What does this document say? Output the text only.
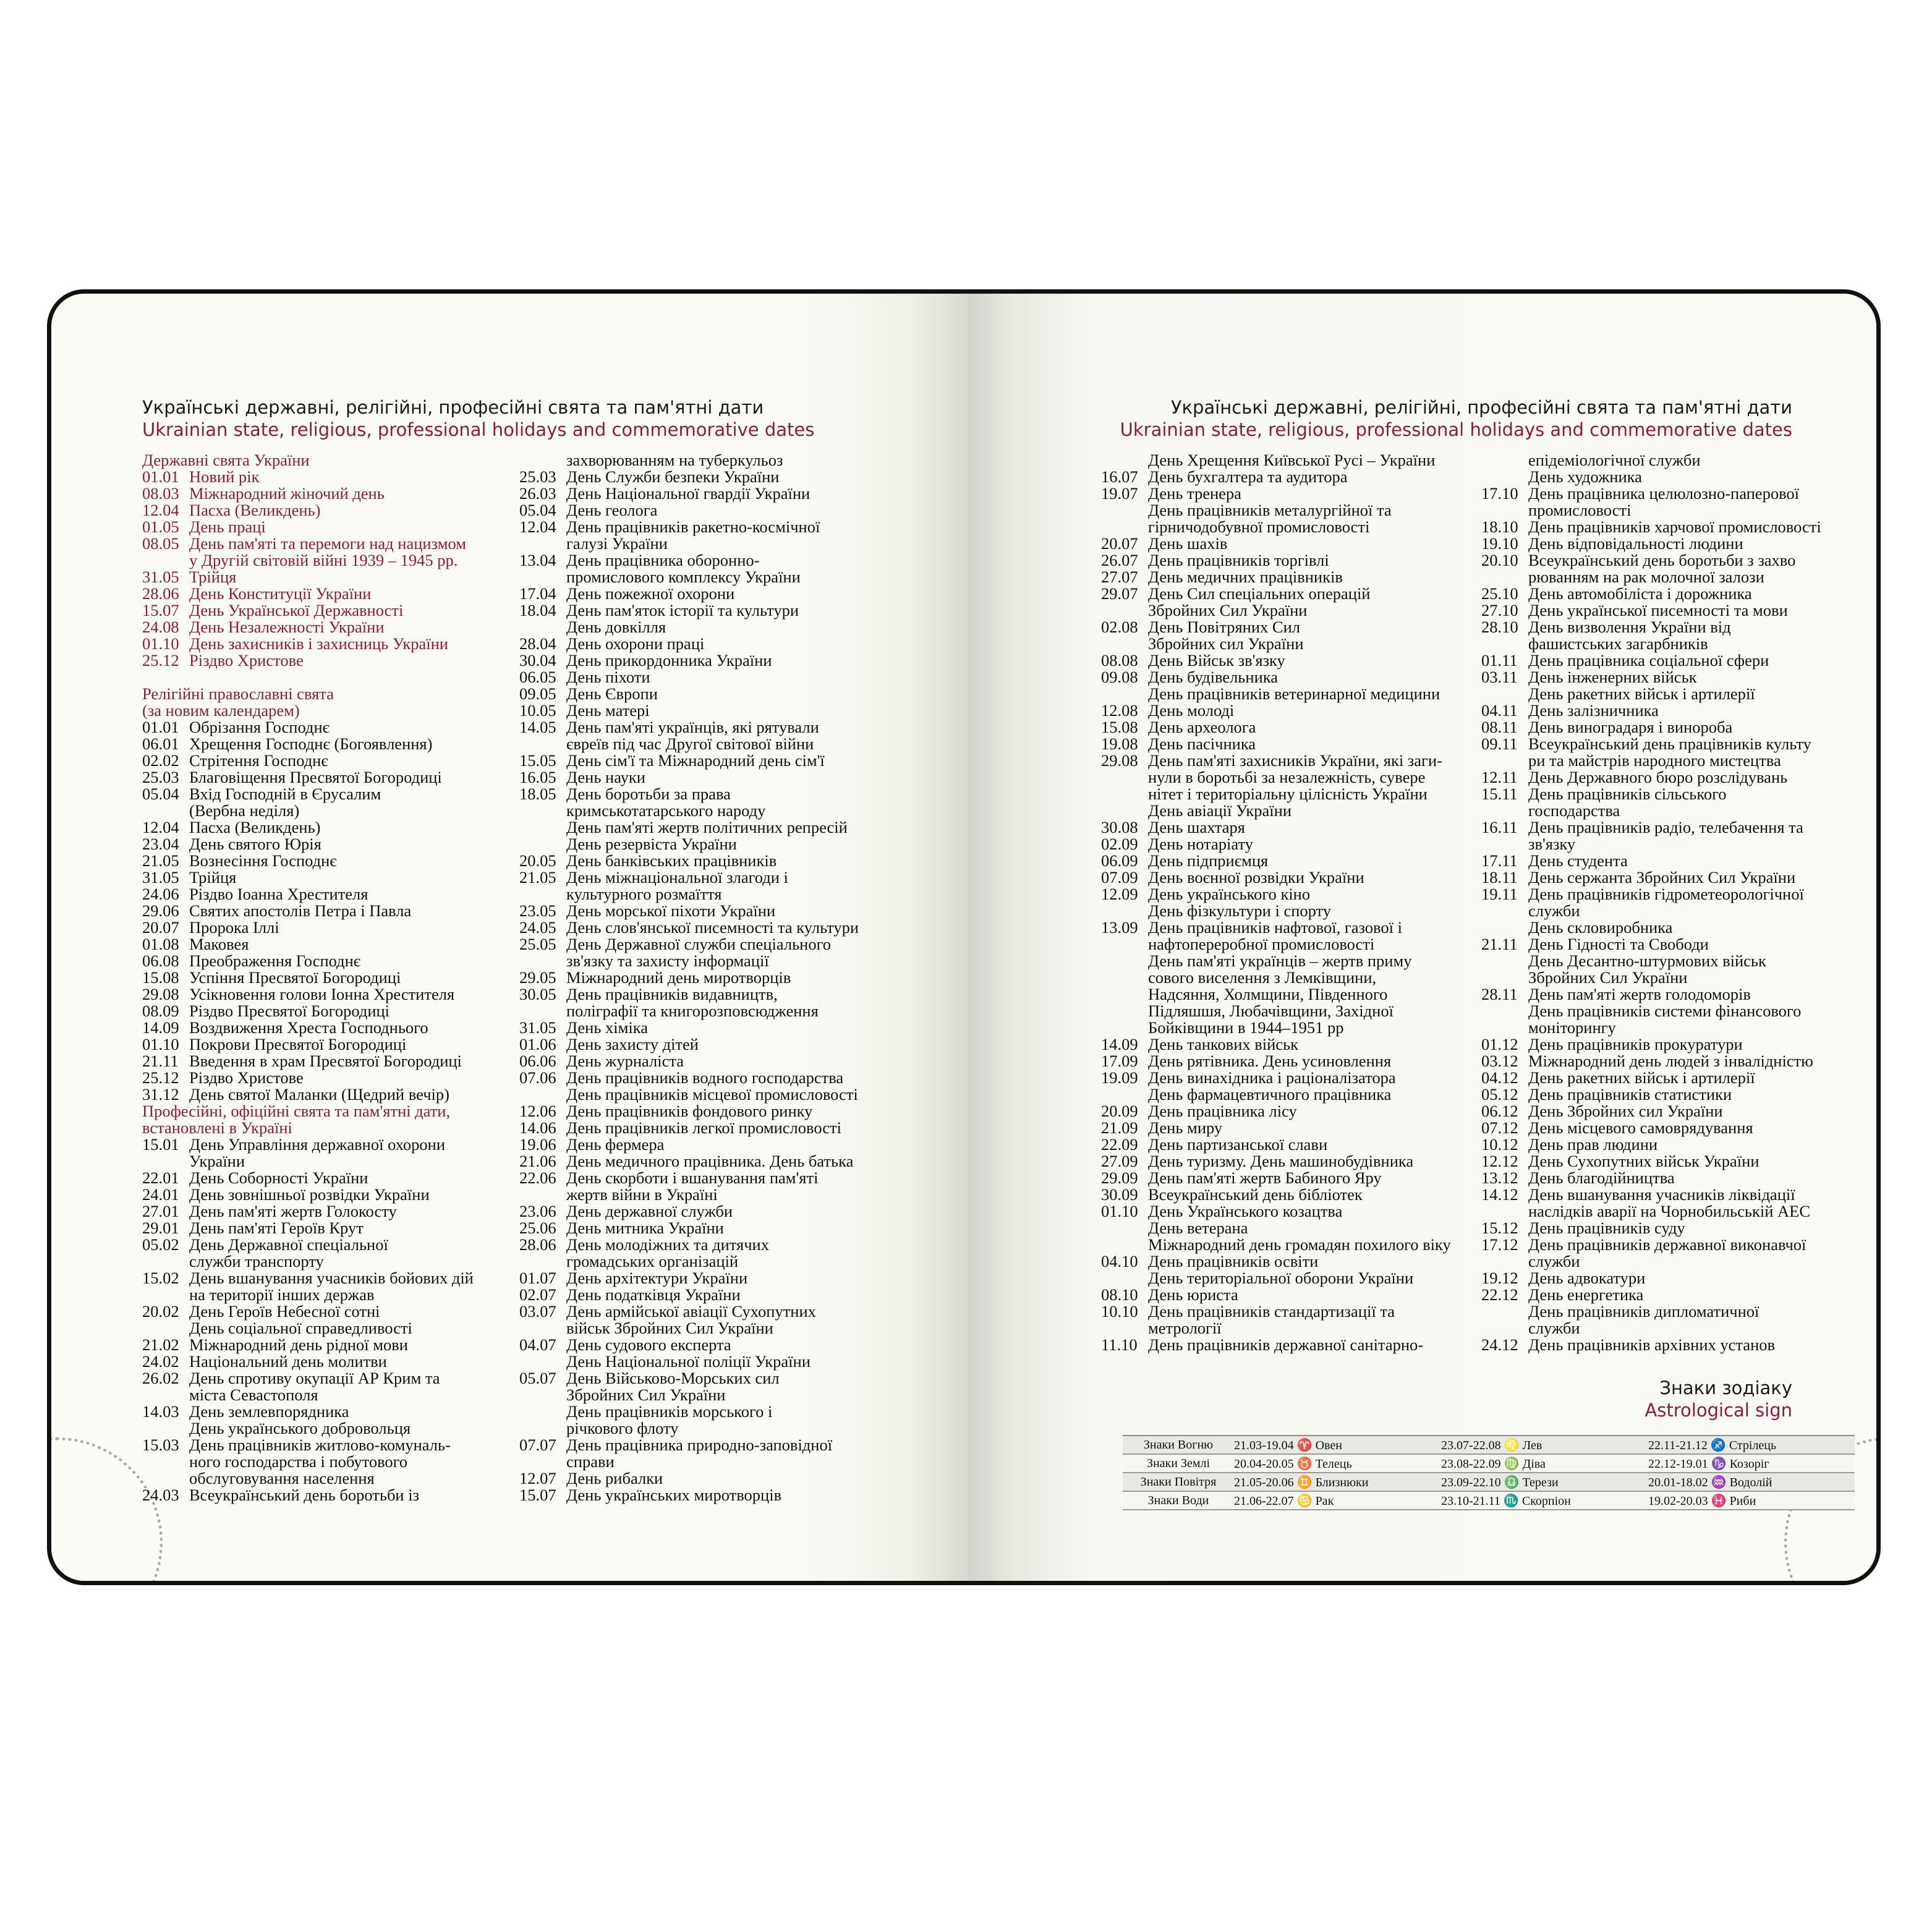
Українські державні, релігійні, професійні свята та пам'ятні дати
Ukrainian state, religious, professional holidays and commemorative dates
Державні свята України
01.01 Новий рік
08.03 Міжнародний жіночий день
12.04 Пасха (Великдень)
01.05 День праці
08.05 День пам'яті та перемоги над нацизмом
у Другій світовій війні 1939 – 1945 рр.
31.05 Трійця
28.06 День Конституції України
15.07 День Української Державності
24.08 День Незалежності України
01.10 День захисників і захисниць України
25.12 Різдво Христове
Релігійні православні свята
(за новим календарем)
01.01 Обрізання Господнє
06.01 Хрещення Господнє (Богоявлення)
02.02 Стрітення Господнє
25.03 Благовіщення Пресвятої Богородиці
05.04 Вхід Господній в Єрусалим
(Вербна неділя)
12.04 Пасха (Великдень)
23.04 День святого Юрія
21.05 Вознесіння Господнє
31.05 Трійця
24.06 Різдво Іоанна Хрестителя
29.06 Святих апостолів Петра і Павла
20.07 Пророка Іллі
01.08 Маковея
06.08 Преображення Господнє
15.08 Успіння Пресвятої Богородиці
29.08 Усікновення голови Іонна Хрестителя
08.09 Різдво Пресвятої Богородиці
14.09 Воздвиження Хреста Господнього
01.10 Покрови Пресвятої Богородиці
21.11 Введення в храм Пресвятої Богородиці
25.12 Різдво Христове
31.12 День святої Маланки (Щедрий вечір)
Професійні, офіційні свята та пам'ятні дати,
встановлені в Україні
15.01 День Управління державної охорони
України
22.01 День Соборності України
24.01 День зовнішньої розвідки України
27.01 День пам'яті жертв Голокосту
29.01 День пам'яті Героїв Крут
05.02 День Державної спеціальної
служби транспорту
15.02 День вшанування учасників бойових дій
на території інших держав
20.02 День Героїв Небесної сотні
День соціальної справедливості
21.02 Міжнародний день рідної мови
24.02 Національний день молитви
26.02 День спротиву окупації АР Крим та
міста Севастополя
14.03 День землевпорядника
День українського добровольця
15.03 День працівників житлово-комуналь-
ного господарства і побутового
обслуговування населення
24.03 Всеукраїнський день боротьби із
захворюванням на туберкульоз
25.03 День Служби безпеки України
26.03 День Національної гвардії України
05.04 День геолога
12.04 День працівників ракетно-космічної
галузі України
13.04 День працівника оборонно-
промислового комплексу України
17.04 День пожежної охорони
18.04 День пам'яток історії та культури
День довкілля
28.04 День охорони праці
30.04 День прикордонника України
06.05 День піхоти
09.05 День Європи
10.05 День матері
14.05 День пам'яті українців, які рятували
євреїв під час Другої світової війни
15.05 День сім'ї та Міжнародний день сім'ї
16.05 День науки
18.05 День боротьби за права
кримськотатарського народу
День пам'яті жертв політичних репресій
День резервіста України
20.05 День банківських працівників
21.05 День міжнаціональної злагоди і
культурного розмаїття
23.05 День морської піхоти України
24.05 День слов'янської писемності та культури
25.05 День Державної служби спеціального
зв'язку та захисту інформації
29.05 Міжнародний день миротворців
30.05 День працівників видавництв,
поліграфії та книгорозповсюдження
31.05 День хіміка
01.06 День захисту дітей
06.06 День журналіста
07.06 День працівників водного господарства
День працівників місцевої промисловості
12.06 День працівників фондового ринку
14.06 День працівників легкої промисловості
19.06 День фермера
21.06 День медичного працівника. День батька
22.06 День скорботи і вшанування пам'яті
жертв війни в Україні
23.06 День державної служби
25.06 День митника України
28.06 День молодіжних та дитячих
громадських організацій
01.07 День архітектури України
02.07 День податківця України
03.07 День армійської авіації Сухопутних
військ Збройних Сил України
04.07 День судового експерта
День Національної поліції України
05.07 День Військово-Морських сил
Збройних Сил України
День працівників морського і
річкового флоту
07.07 День працівника природно-заповідної
справи
12.07 День рибалки
15.07 День українських миротворців
Українські державні, релігійні, професійні свята та пам'ятні дати
Ukrainian state, religious, professional holidays and commemorative dates
День Хрещення Київської Русі – України
16.07 День бухгалтера та аудитора
19.07 День тренера
День працівників металургійної та
гірничодобувної промисловості
20.07 День шахів
26.07 День працівників торгівлі
27.07 День медичних працівників
29.07 День Сил спеціальних операцій
Збройних Сил України
02.08 День Повітряних Сил
Збройних сил України
08.08 День Військ зв'язку
09.08 День будівельника
День працівників ветеринарної медицини
12.08 День молоді
15.08 День археолога
19.08 День пасічника
29.08 День пам'яті захисників України, які заги-
нули в боротьбі за незалежність, сувере
нітет і територіальну цілісність України
День авіації України
30.08 День шахтаря
02.09 День нотаріату
06.09 День підприємця
07.09 День воєнної розвідки України
12.09 День українського кіно
День фізкультури і спорту
13.09 День працівників нафтової, газової і
нафтопереробної промисловості
День пам'яті українців – жертв приму
сового виселення з Лемківщини,
Надсяння, Холмщини, Південного
Підляшшя, Любачівщини, Західної
Бойківщини в 1944–1951 рр
14.09 День танкових військ
17.09 День рятівника. День усиновлення
19.09 День винахідника і раціоналізатора
День фармацевтичного працівника
20.09 День працівника лісу
21.09 День миру
22.09 День партизанської слави
27.09 День туризму. День машинобудівника
29.09 День пам'яті жертв Бабиного Яру
30.09 Всеукраїнський день бібліотек
01.10 День Українського козацтва
День ветерана
Міжнародний день громадян похилого віку
04.10 День працівників освіти
День територіальної оборони України
08.10 День юриста
10.10 День працівників стандартизації та
метрології
11.10 День працівників державної санітарно-
епідеміологічної служби
День художника
17.10 День працівника целюлозно-паперової
промисловості
18.10 День працівників харчової промисловості
19.10 День відповідальності людини
20.10 Всеукраїнський день боротьби з захво
рюванням на рак молочної залози
25.10 День автомобіліста і дорожника
27.10 День української писемності та мови
28.10 День визволення України від
фашистських загарбників
01.11 День працівника соціальної сфери
03.11 День інженерних військ
День ракетних військ і артилерії
04.11 День залізничника
08.11 День виноградаря і винороба
09.11 Всеукраїнський день працівників культу
ри та майстрів народного мистецтва
12.11 День Державного бюро розслідувань
15.11 День працівників сільського
господарства
16.11 День працівників радіо, телебачення та
зв'язку
17.11 День студента
18.11 День сержанта Збройних Сил України
19.11 День працівників гідрометеорологічної
служби
День скловиробника
21.11 День Гідності та Свободи
День Десантно-штурмових військ
Збройних Сил України
28.11 День пам'яті жертв голодоморів
День працівників системи фінансового
моніторингу
01.12 День працівників прокуратури
03.12 Міжнародний день людей з інвалідністю
04.12 День ракетних військ і артилерії
05.12 День працівників статистики
06.12 День Збройних сил України
07.12 День місцевого самоврядування
10.12 День прав людини
12.12 День Сухопутних військ України
13.12 День благодійництва
14.12 День вшанування учасників ліквідації
наслідків аварії на Чорнобильській АЕС
15.12 День працівників суду
17.12 День працівників державної виконавчої
служби
19.12 День адвокатури
22.12 День енергетика
День працівників дипломатичної
служби
24.12 День працівників архівних установ
Знаки зодіаку
Astrological sign
Знаки Вогню	21.03-19.04 ♈ Овен	23.07-22.08 ♌ Лев	22.11-21.12 ♐ Стрілець
Знаки Землі	20.04-20.05 ♉ Телець	23.08-22.09 ♍ Діва	22.12-19.01 ♑ Козоріг
Знаки Повітря	21.05-20.06 ♊ Близнюки	23.09-22.10 ♎ Терези	20.01-18.02 ♒ Водолій
Знаки Води	21.06-22.07 ♋ Рак	23.10-21.11 ♏ Скорпіон	19.02-20.03 ♓ Риби
